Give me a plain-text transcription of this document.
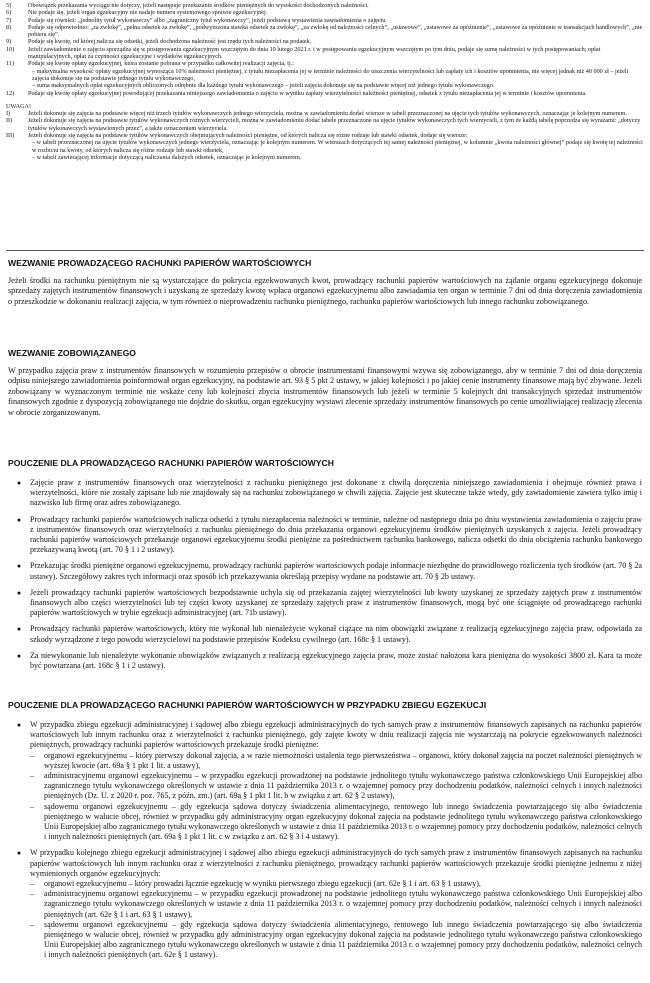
5)	Obowiązek przekazania wyciągu nie dotyczy, jeżeli następuje przekazanie środków pieniężnych do wysokości dochodzonych należności.
6)	Nie podaje się, jeżeli organ egzekucyjny nie nadaje numeru systemowego sprawie egzekucyjnej.
7)	Podaje się również: „jednolity tytuł wykonawczy” albo „zagraniczny tytuł wykonawczy”, jeżeli podstawą wystawienia zawiadomienia o zajęciu.
8)	Podaje się odpowiednio: „za zwłokę”, „pełna odsetek za zwłokę”, „podwyższona stawka odsetek za zwłokę”, „za zwłokę od należności celnych”, „ustawowe”, „ustawowe za opóźnienie”, „ustawowe za opóźnienie w transakcjach handlowych”, „nie pobiera się”.
9)	Podaje się kwotę, od której nalicza się odsetki, jeżeli dochodzona należność jest rzędu tych należności na podatek.
10)	Jeżeli zawiadomienie o zajęciu sporządza się w postępowaniu egzekucyjnym wszczętym do dnia 19 lutego 2021 r. i w postępowaniu egzekucyjnym wszczętym po tym dniu, podaje się sumę należności w tych postępowaniach; opłat manipulacyjnych, opłat za czynności egzekucyjne i wydatków egzekucyjnych.
11)	Podaje się kwotę opłaty egzekucyjnej, która zostanie pobrana w przypadku całkowitej realizacji zajęcia, tj.:
– maksymalna wysokość opłaty egzekucyjnej wynosząca 10% należności pieniężnej, z tytułu niezapłacenia jej w terminie należności do uiszczenia wierzytelności lub zapłaty ich i kosztów upomnienia, nie więcej jednak niż 40 000 zł – jeżeli zajęcia dokonuje się na podstawie jednego tytułu wykonawczego,
– suma maksymalnych opłat egzekucyjnych obliczonych odrębnie dla każdego tytułu wykonawczego – jeżeli zajęcia dokonuje się na podstawie więcej niż jednego tytułu wykonawczego.
12)	Podaje się kwotę opłaty egzekucyjnej powodującej przekazania niniejszego zawiadomienia o zajęciu w wyniku zapłaty wierzytelności należności pieniężnej, odsetek z tytułu niezapłacenia jej w terminie i kosztów upomnienia.
UWAGA!
I)	Jeżeli dokonuje się zajęcia na podstawie więcej niż trzech tytułów wykonawczych jednego wierzyciela, można w zawiadomieniu dodać wiersze w tabeli przeznaczonej na ujęcie tych tytułów wykonawczych, oznaczając je kolejnym numerem.
II)	Jeżeli dokonuje się zajęcia na podstawie tytułów wykonawczych różnych wierzycieli, można w zawiadomieniu dodać tabele przeznaczone na ujęcie tytułów wykonawczych tych wierzycieli, z tym że każdą tabelę poprzedza się wyrazami: „dotyczy tytułów wykonawczych wystawionych przez”, a także oznaczeniem wierzyciela.
III)	Jeżeli dokonuje się zajęcia na podstawie tytułów wykonawczych obejmujących należności pieniężne, od których nalicza się różne rodzaje lub stawki odsetek, dodaje się wiersze:
– w tabeli przeznaczonej na ujęcie tytułów wykonawczych jednego wierzyciela, oznaczając je kolejnym numerem. W wierszach dotyczących tej samej należności pieniężnej, w kolumnie „kwota należności głównej” podaje się kwotę tej należności w rozbiciu na kwoty, od których nalicza się różne rodzaje lub stawki odsetek,
– w tabeli zawierającej informacje dotyczącą naliczania dalszych odsetek, oznaczając je kolejnym numerem.
WEZWANIE PROWADZĄCEGO RACHUNKI PAPIERÓW WARTOŚCIOWYCH
Jeżeli środki na rachunku pieniężnym nie są wystarczające do pokrycia egzekwowanych kwot, prowadzący rachunki papierów wartościowych na żądanie organu egzekucyjnego dokonuje sprzedaży zajętych instrumentów finansowych i uzyskaną ze sprzedaży kwotę wpłaca organowi egzekucyjnemu albo zawiadamia ten organ w terminie 7 dni od dnia doręczenia zawiadomienia o przeszkodzie w dokonaniu realizacji zajęcia, w tym również o nieprowadzeniu rachunku pieniężnego, rachunku papierów wartościowych lub innego rachunku zobowiązanego.
WEZWANIE ZOBOWIĄZANEGO
W przypadku zajęcia praw z instrumentów finansowych w rozumieniu przepisów o obrocie instrumentami finansowymi wzywa się zobowiązanego, aby w terminie 7 dni od dnia doręczenia odpisu niniejszego zawiadomienia poinformował organ egzekucyjny, na podstawie art. 93 § 5 pkt 2 ustawy, w jakiej kolejności i po jakiej cenie instrumenty finansowe mają być zbywane. Jeżeli zobowiązany w wyznaczonym terminie nie wskaże ceny lub kolejności zbycia instrumentów finansowych lub jeżeli w terminie 5 kolejnych dni transakcyjnych sprzedaż instrumentów finansowych zgodnie z dyspozycją zobowiązanego nie dojdzie do skutku, organ egzekucyjny wystawi zlecenie sprzedaży instrumentów finansowych po cenie umożliwiającej realizację zlecenia w obrocie zorganizowanym.
POUCZENIE DLA PROWADZĄCEGO RACHUNKI PAPIERÓW WARTOŚCIOWYCH
●	Zajęcie praw z instrumentów finansowych oraz wierzytelności z rachunku pieniężnego jest dokonane z chwilą doręczenia niniejszego zawiadomienia i obejmuje również prawa i wierzytelności, które nie zostały zapisane lub nie znajdowały się na rachunku zobowiązanego w chwili zajęcia. Zajęcie jest skuteczne także wtedy, gdy zawiadomienie zawiera tylko imię i nazwisko lub firmę oraz adres zobowiązanego.
●	Prowadzący rachunki papierów wartościowych nalicza odsetki z tytułu niezapłacenia należności w terminie, należne od następnego dnia po dniu wystawienia zawiadomienia o zajęciu praw z instrumentów finansowych oraz wierzytelności z rachunku pieniężnego do dnia przekazania organowi egzekucyjnemu środków pieniężnych uzyskanych z zajęcia. Jeżeli prowadzący rachunki papierów wartościowych przekazuje organowi egzekucyjnemu środki pieniężne za pośrednictwem rachunku bankowego, nalicza odsetki do dnia obciążenia rachunku bankowego przekazywaną kwotą (art. 70 § 1 i 2 ustawy).
●	Przekazując środki pieniężne organowi egzekucyjnemu, prowadzący rachunki papierów wartościowych podaje informacje niezbędne do prawidłowego rozliczenia tych środków (art. 70 § 2a ustawy). Szczegółowy zakres tych informacji oraz sposób ich przekazywania określają przepisy wydane na podstawie art. 70 § 2b ustawy.
●	Jeżeli prowadzący rachunki papierów wartościowych bezpodstawnie uchyla się od przekazania zajętej wierzytelności lub kwoty uzyskanej ze sprzedaży zajętych praw z instrumentów finansowych albo części wierzytelności lub tej części kwoty uzyskanej ze sprzedaży zajętych praw z instrumentów finansowych, mogą być one ściągnięte od prowadzącego rachunki papierów wartościowych w trybie egzekucji administracyjnej (art. 71b ustawy).
●	Prowadzący rachunki papierów wartościowych, który nie wykonał lub nienależycie wykonał ciążące na nim obowiązki związane z realizacją egzekucyjnego zajęcia praw, odpowiada za szkody wyrządzone z tego powodu wierzycielowi na podstawie przepisów Kodeksu cywilnego (art. 168c § 1 ustawy).
●	Za niewykonanie lub nienależyte wykonanie obowiązków związanych z realizacją egzekucyjnego zajęcia praw, może zostać nałożona kara pieniężna do wysokości 3800 zł. Kara ta może być powtarzana (art. 168c § 1 i 2 ustawy).
POUCZENIE DLA PROWADZĄCEGO RACHUNKI PAPIERÓW WARTOŚCIOWYCH W PRZYPADKU ZBIEGU EGZEKUCJI
●	W przypadku zbiegu egzekucji administracyjnej i sądowej albo zbiegu egzekucji administracyjnych do tych samych praw z instrumentów finansowych zapisanych na rachunku papierów wartościowych lub innym rachunku oraz z wierzytelności z rachunku pieniężnego, gdy zajęte kwoty w dniu realizacji zajęcia nie wystarczają na pokrycie egzekwowanych należności pieniężnych, prowadzący rachunki papierów wartościowych przekazuje środki pieniężne:
–	organowi egzekucyjnemu – który pierwszy dokonał zajęcia, a w razie niemożności ustalenia tego pierwszeństwa – organowi, który dokonał zajęcia na poczet należności pieniężnych w wyższej kwocie (art. 69a § 1 pkt 1 lit. a ustawy),
–	administracyjnemu organowi egzekucyjnemu – w przypadku egzekucji prowadzonej na podstawie jednolitego tytułu wykonawczego państwa członkowskiego Unii Europejskiej albo zagranicznego tytułu wykonawczego określonych w ustawie z dnia 11 października 2013 r. o wzajemnej pomocy przy dochodzeniu podatków, należności celnych i innych należności pieniężnych (Dz. U. z 2020 r. poz. 765, z późn. zm.) (art. 69a § 1 pkt 1 lit. b w związku z art. 62 § 2 ustawy),
–	sądowemu organowi egzekucyjnemu – gdy egzekucja sądowa dotyczy świadczenia alimentacyjnego, rentowego lub innego świadczenia powtarzającego się albo świadczenia pieniężnego w walucie obcej, również w przypadku gdy administracyjny organ egzekucyjny dokonał zajęcia na podstawie jednolitego tytułu wykonawczego państwa członkowskiego Unii Europejskiej albo zagranicznego tytułu wykonawczego określonych w ustawie z dnia 11 października 2013 r. o wzajemnej pomocy przy dochodzeniu podatków, należności celnych i innych należności pieniężnych (art. 69a § 1 pkt 1 lit. c w związku z art. 62 § 3 i 4 ustawy).
●	W przypadku kolejnego zbiegu egzekucji administracyjnej i sądowej albo zbiegu egzekucji administracyjnych do tych samych praw z instrumentów finansowych zapisanych na rachunku papierów wartościowych lub innym rachunku oraz z wierzytelności z rachunku pieniężnego, prowadzący rachunki papierów wartościowych przekazuje środki pieniężne jednemu z niżej wymienionych organów egzekucyjnych:
–	organowi egzekucyjnemu – który prowadzi łącznie egzekucję w wyniku pierwszego zbiegu egzekucji (art. 62e § 1 i art. 63 § 1 ustawy),
–	administracyjnemu organowi egzekucyjnemu – w przypadku egzekucji prowadzonej na podstawie jednolitego tytułu wykonawczego państwa członkowskiego Unii Europejskiej albo zagranicznego tytułu wykonawczego określonych w ustawie z dnia 11 października 2013 r. o wzajemnej pomocy przy dochodzeniu podatków, należności celnych i innych należności pieniężnych (art. 62e § 1 i art. 63 § 1 ustawy),
–	sądowemu organowi egzekucyjnemu – gdy egzekucja sądowa dotyczy świadczenia alimentacyjnego, rentowego lub innego świadczenia powtarzającego się albo świadczenia pieniężnego w walucie obcej, również w przypadku gdy administracyjny organ egzekucyjny dokonał zajęcia na podstawie jednolitego tytułu wykonawczego państwa członkowskiego Unii Europejskiej albo zagranicznego tytułu wykonawczego określonych w ustawie z dnia 11 października 2013 r. o wzajemnej pomocy przy dochodzeniu podatków, należności celnych i innych należności pieniężnych (art. 62e § 1 ustawy).
